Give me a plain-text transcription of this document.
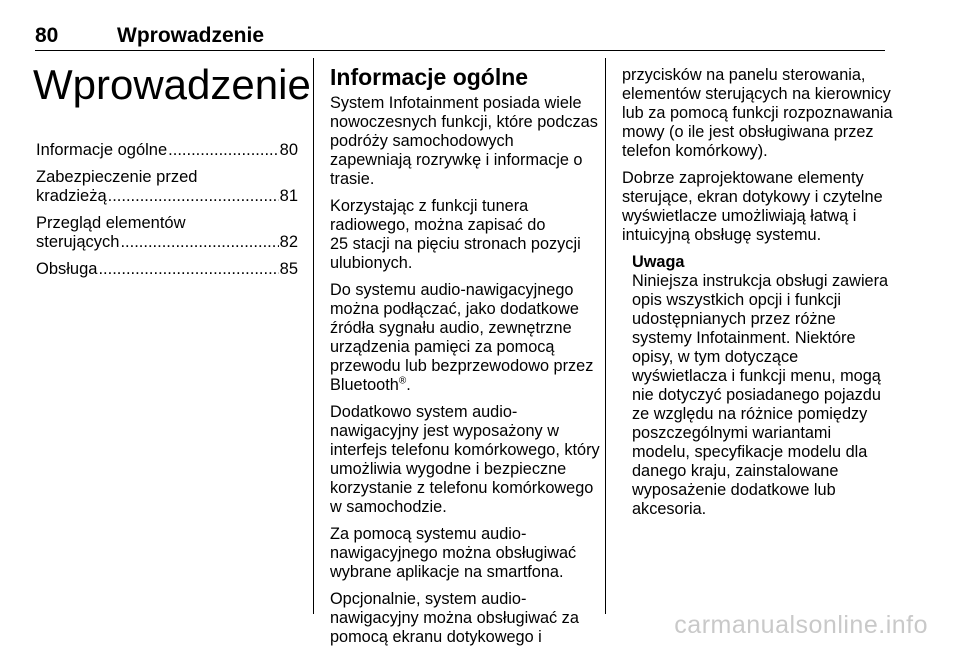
80	Wprowadzenie
Wprowadzenie
Informacje ogólne .....	80
Zabezpieczenie przed
kradzieżą .....	81
Przegląd elementów
sterujących .....	82
Obsługa .....	85
Informacje ogólne

System Infotainment posiada wiele
nowoczesnych funkcji, które podczas
podróży samochodowych
zapewniają rozrywkę i informacje o
trasie.

Korzystając z funkcji tunera
radiowego, można zapisać do
25 stacji na pięciu stronach pozycji
ulubionych.

Do systemu audio-nawigacyjnego
można podłączać, jako dodatkowe
źródła sygnału audio, zewnętrzne
urządzenia pamięci za pomocą
przewodu lub bezprzewodowo przez
Bluetooth®.

Dodatkowo system audio-
nawigacyjny jest wyposażony w
interfejs telefonu komórkowego, który
umożliwia wygodne i bezpieczne
korzystanie z telefonu komórkowego
w samochodzie.

Za pomocą systemu audio-
nawigacyjnego można obsługiwać
wybrane aplikacje na smartfona.

Opcjonalnie, system audio-
nawigacyjny można obsługiwać za
pomocą ekranu dotykowego i

przycisków na panelu sterowania,
elementów sterujących na kierownicy
lub za pomocą funkcji rozpoznawania
mowy (o ile jest obsługiwana przez
telefon komórkowy).

Dobrze zaprojektowane elementy
sterujące, ekran dotykowy i czytelne
wyświetlacze umożliwiają łatwą i
intuicyjną obsługę systemu.

Uwaga
Niniejsza instrukcja obsługi zawiera
opis wszystkich opcji i funkcji
udostępnianych przez różne
systemy Infotainment. Niektóre
opisy, w tym dotyczące
wyświetlacza i funkcji menu, mogą
nie dotyczyć posiadanego pojazdu
ze względu na różnice pomiędzy
poszczególnymi wariantami
modelu, specyfikacje modelu dla
danego kraju, zainstalowane
wyposażenie dodatkowe lub
akcesoria.
carmanualsonline.info
